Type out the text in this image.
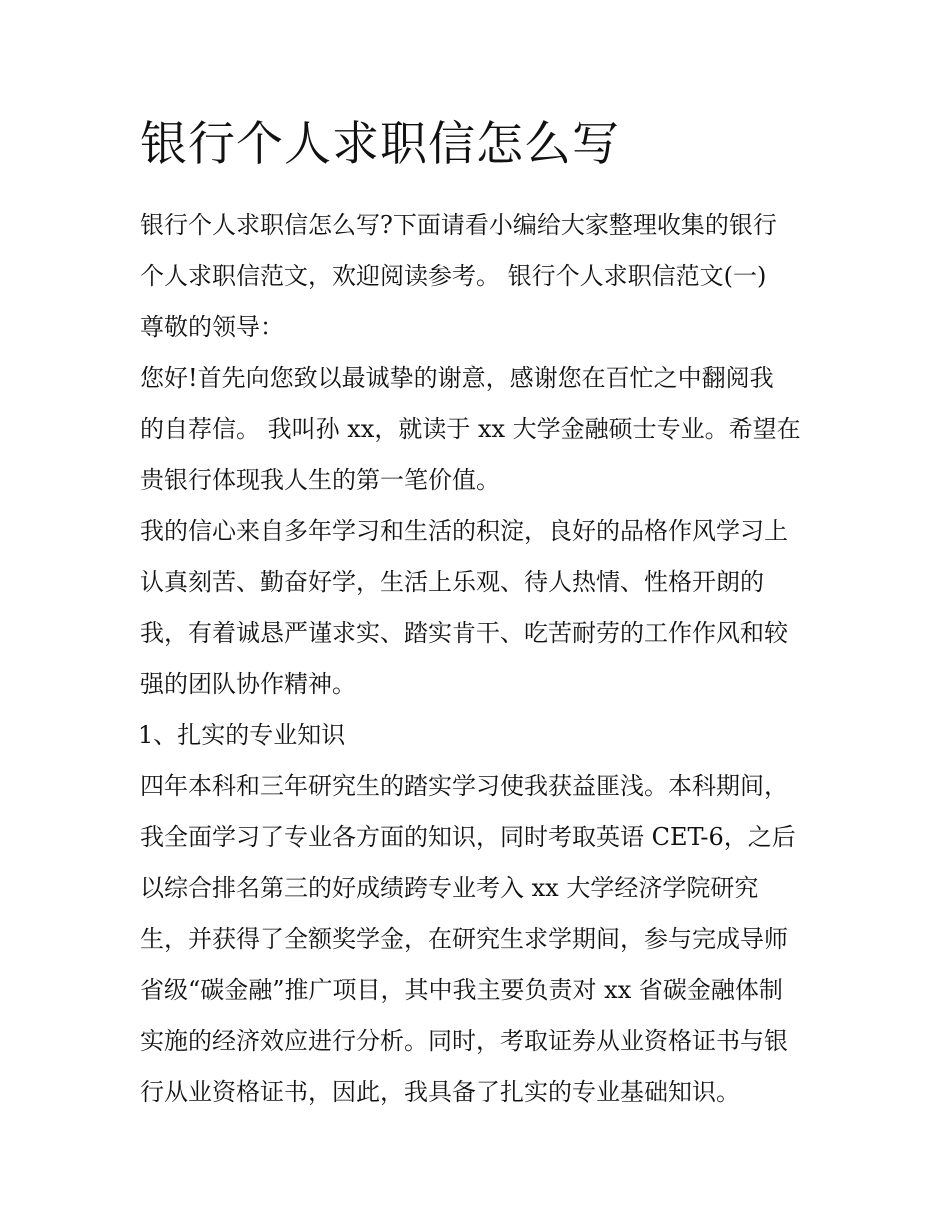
银行个人求职信怎么写

银行个人求职信怎么写?下面请看小编给大家整理收集的银行

个人求职信范文，欢迎阅读参考。 银行个人求职信范文(一)

尊敬的领导：

您好!首先向您致以最诚挚的谢意，感谢您在百忙之中翻阅我

的自荐信。 我叫孙 xx，就读于 xx 大学金融硕士专业。希望在

贵银行体现我人生的第一笔价值。

我的信心来自多年学习和生活的积淀，良好的品格作风学习上

认真刻苦、勤奋好学，生活上乐观、待人热情、性格开朗的

我，有着诚恳严谨求实、踏实肯干、吃苦耐劳的工作作风和较

强的团队协作精神。

1、扎实的专业知识

四年本科和三年研究生的踏实学习使我获益匪浅。本科期间，

我全面学习了专业各方面的知识，同时考取英语 CET-6，之后

以综合排名第三的好成绩跨专业考入 xx 大学经济学院研究

生，并获得了全额奖学金，在研究生求学期间，参与完成导师

省级“碳金融”推广项目，其中我主要负责对 xx 省碳金融体制

实施的经济效应进行分析。同时，考取证券从业资格证书与银

行从业资格证书，因此，我具备了扎实的专业基础知识。
